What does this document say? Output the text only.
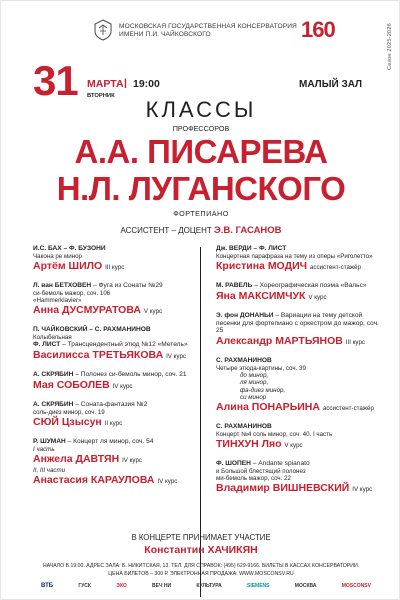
МОСКОВСКАЯ ГОСУДАРСТВЕННАЯ КОНСЕРВАТОРИЯ
ИМЕНИ П.И. ЧАЙКОВСКОГО	160	Сезон 2025-2026
31 МАРТА | 19:00
ВТОРНИК
МАЛЫЙ ЗАЛ
КЛАССЫ
ПРОФЕССОРОВ
А.А. ПИСАРЕВА
Н.Л. ЛУГАНСКОГО
ФОРТЕПИАНО
АССИСТЕНТ – ДОЦЕНТ Э.В. ГАСАНОВ
И.С. БАХ – Ф. БУЗОНИ
Чакона ре минор
Артём ШИЛО III курс
Л. ван БЕТХОВЕН – Фуга из Сонаты №29
си-бемоль мажор, соч. 106
«Hammerklavier»
Анна ДУСМУРАТОВА V курс
П. ЧАЙКОВСКИЙ – С. РАХМАНИНОВ
Колыбельная
Ф. ЛИСТ – Трансцендентный этюд №12 «Метель»
Василисса ТРЕТЬЯКОВА IV курс
А. СКРЯБИН – Полонез си-бемоль минор, соч. 21
Мая СОБОЛЕВ IV курс
А. СКРЯБИН – Соната-фантазия №2
соль-диез минор, соч. 19
СЮЙ Цзысун II курс
Р. ШУМАН – Концерт ля минор, соч. 54
I часть
Анжела ДАВТЯН IV курс
II, III части
Анастасия КАРАУЛОВА IV курс
Дж. ВЕРДИ – Ф. ЛИСТ
Концертная парафраза на тему из оперы «Риголетто»
Кристина МОДИЧ ассистент-стажёр
М. РАВЕЛЬ – Хореографическая поэма «Вальс»
Яна МАКСИМЧУК V курс
Э. фон ДОНАНЬИ – Вариации на тему детской песенки для фортепиано с оркестром до мажор, соч. 25
Александр МАРТЬЯНОВ III курс
С. РАХМАНИНОВ
Четыре этюда-картины, соч. 39
до минор,
ля минор,
фа-диез минор,
си минор
Алина ПОНАРЬИНА ассистент-стажёр
С. РАХМАНИНОВ
Концерт №4 соль минор, соч. 40. I часть
ТИНХУН Ляо V курс
Ф. ШОПЕН – Andante spianato
и Большой блестящий полонез
ми-бемоль мажор, соч. 22
Владимир ВИШНЕВСКИЙ IV курс
В КОНЦЕРТЕ ПРИНИМАЕТ УЧАСТИЕ
Константин ХАЧИКЯН
НАЧАЛО В 19:00. АДРЕС ЗАЛА: Б. НИКИТСКАЯ, 13. ТЕЛ. ДЛЯ СПРАВОК: (495) 629-9166. БИЛЕТЫ В КАССАХ КОНСЕРВАТОРИИ.
ЦЕНА БИЛЕТОВ – 300 Р. ЭЛЕКТРОННАЯ ПРОДАЖА: WWW.MOSCONSV.RU
ВТБ	ГУСК	ЭХО	ВЕЧ НИ	КУЛЬТУРА	SIEMENS	МОСКВА	MOSCONSV
